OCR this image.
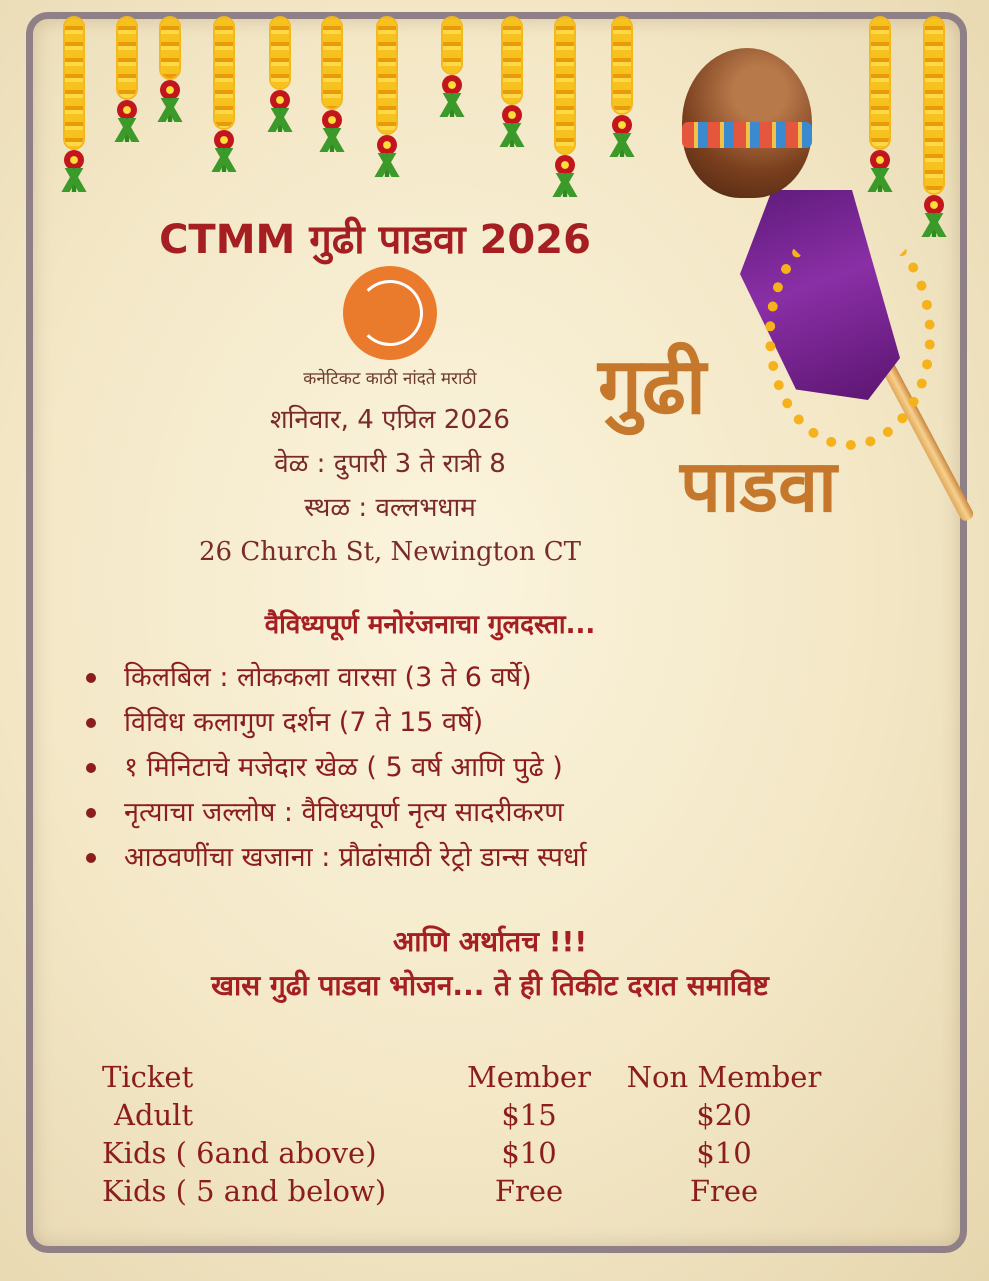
गुढी
पाडवा
CTMM गुढी पाडवा 2026
कनेटिकट काठी नांदते मराठी
शनिवार, 4 एप्रिल 2026
वेळ : दुपारी 3 ते रात्री 8
स्थळ : वल्लभधाम
26 Church St, Newington CT
वैविध्यपूर्ण मनोरंजनाचा गुलदस्ता...
किलबिल : लोककला वारसा (3 ते 6 वर्षे)
विविध कलागुण दर्शन (7 ते 15 वर्षे)
१ मिनिटाचे मजेदार खेळ ( 5 वर्ष आणि पुढे )
नृत्याचा जल्लोष : वैविध्यपूर्ण नृत्य सादरीकरण
आठवणींचा खजाना : प्रौढांसाठी रेट्रो डान्स स्पर्धा
आणि अर्थातच !!!
खास गुढी पाडवा भोजन... ते ही तिकीट दरात समाविष्ट
Ticket	Member	Non Member
Adult	$15	$20
Kids ( 6and above)	$10	$10
Kids ( 5 and below)	Free	Free
